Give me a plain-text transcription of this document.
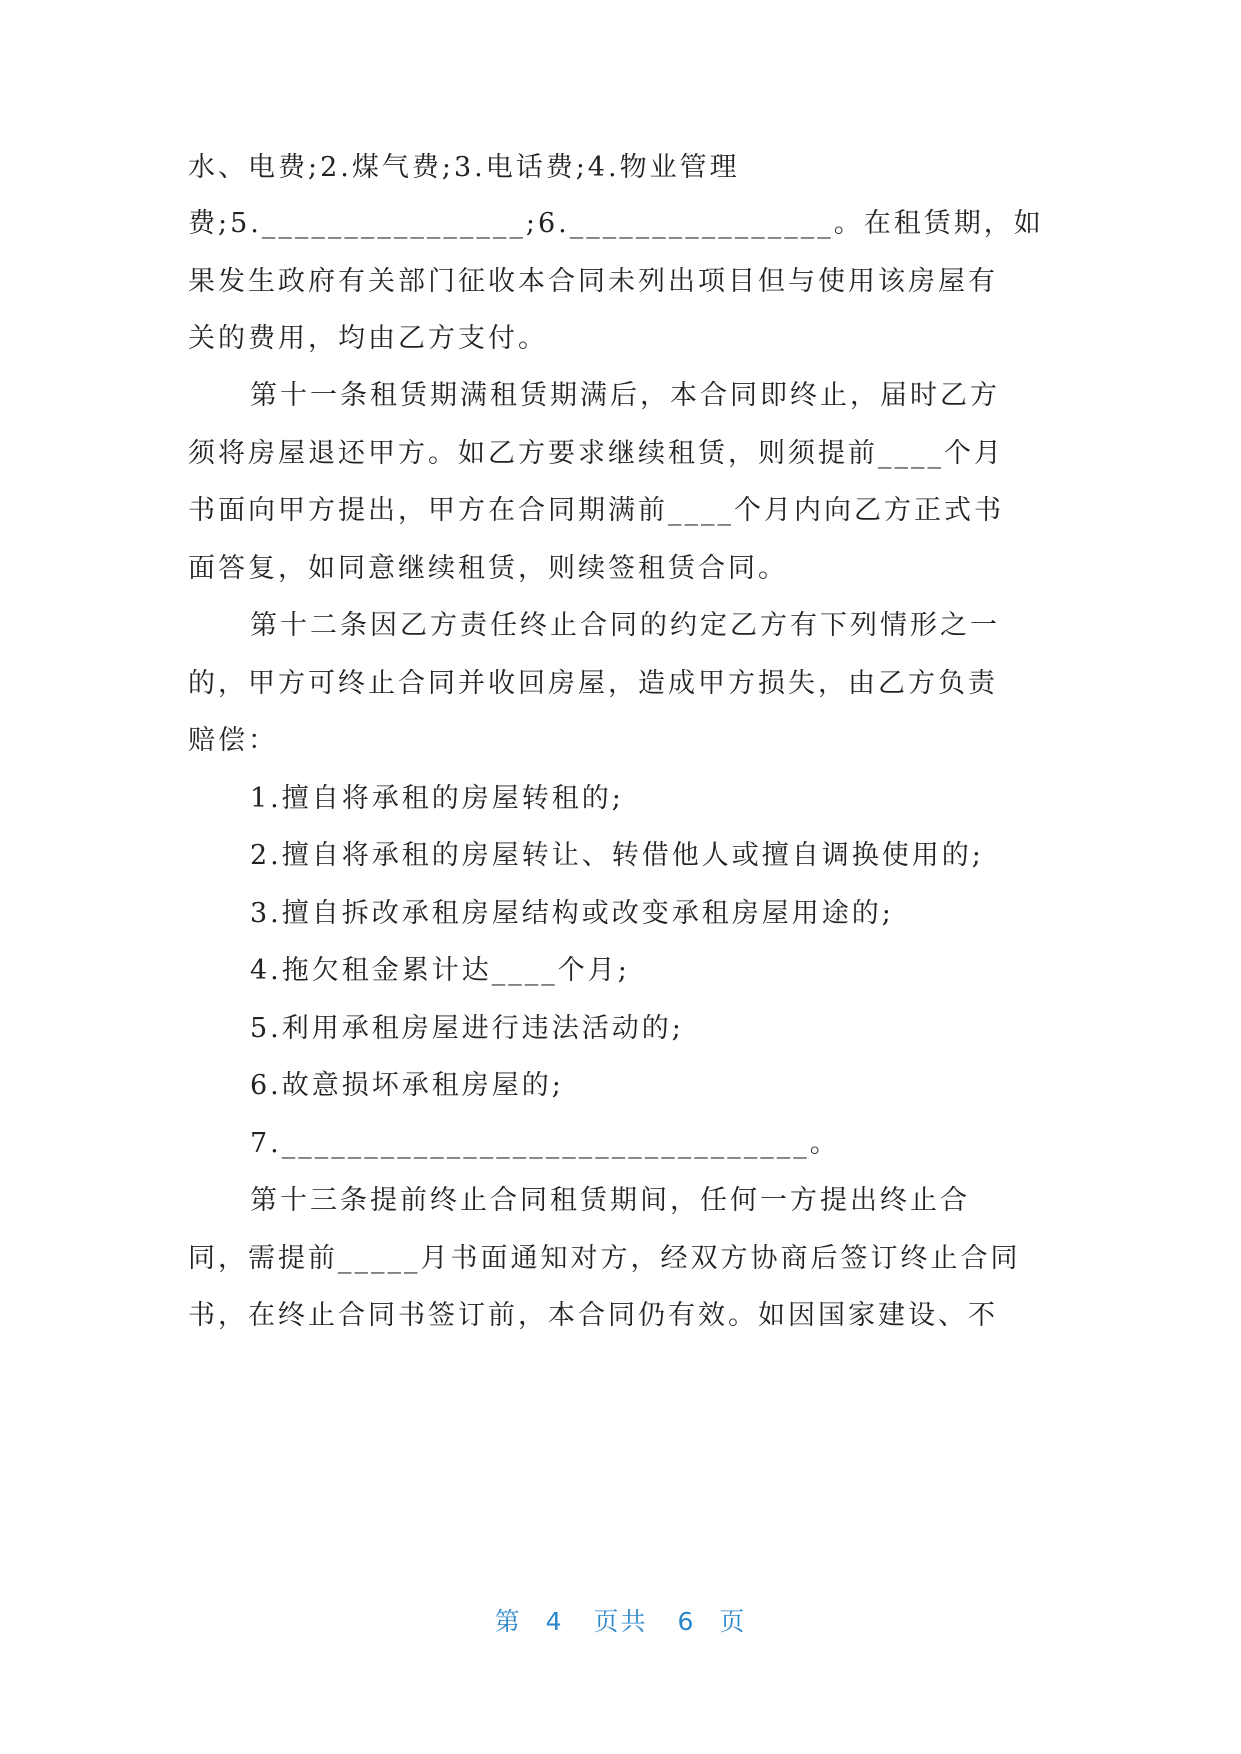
水、电费;2.煤气费;3.电话费;4.物业管理
费;5.________________;6.________________。在租赁期，如
果发生政府有关部门征收本合同未列出项目但与使用该房屋有
关的费用，均由乙方支付。
第十一条租赁期满租赁期满后，本合同即终止，届时乙方
须将房屋退还甲方。如乙方要求继续租赁，则须提前____个月
书面向甲方提出，甲方在合同期满前____个月内向乙方正式书
面答复，如同意继续租赁，则续签租赁合同。
第十二条因乙方责任终止合同的约定乙方有下列情形之一
的，甲方可终止合同并收回房屋，造成甲方损失，由乙方负责
赔偿：
1.擅自将承租的房屋转租的;
2.擅自将承租的房屋转让、转借他人或擅自调换使用的;
3.擅自拆改承租房屋结构或改变承租房屋用途的;
4.拖欠租金累计达____个月;
5.利用承租房屋进行违法活动的;
6.故意损坏承租房屋的;
7.________________________________。
第十三条提前终止合同租赁期间，任何一方提出终止合
同，需提前_____月书面通知对方，经双方协商后签订终止合同
书，在终止合同书签订前，本合同仍有效。如因国家建设、不
第 4 页共 6 页
